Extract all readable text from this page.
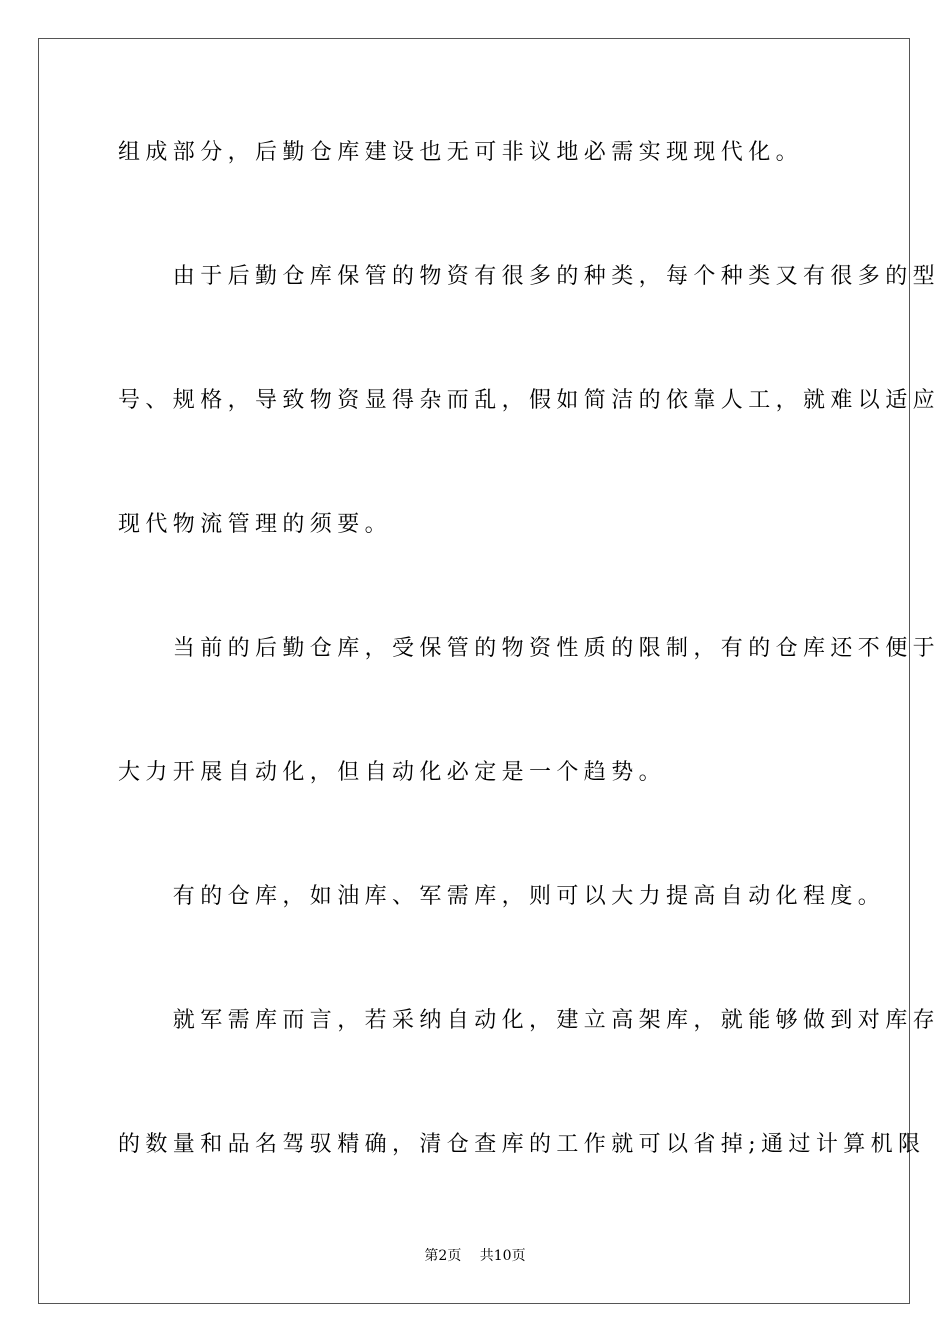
组成部分，后勤仓库建设也无可非议地必需实现现代化。
　　由于后勤仓库保管的物资有很多的种类，每个种类又有很多的型
号、规格，导致物资显得杂而乱，假如简洁的依靠人工，就难以适应
现代物流管理的须要。
　　当前的后勤仓库，受保管的物资性质的限制，有的仓库还不便于
大力开展自动化，但自动化必定是一个趋势。
　　有的仓库，如油库、军需库，则可以大力提高自动化程度。
　　就军需库而言，若采纳自动化，建立高架库，就能够做到对库存
的数量和品名驾驭精确，清仓查库的工作就可以省掉;通过计算机限
第2页　 共10页
